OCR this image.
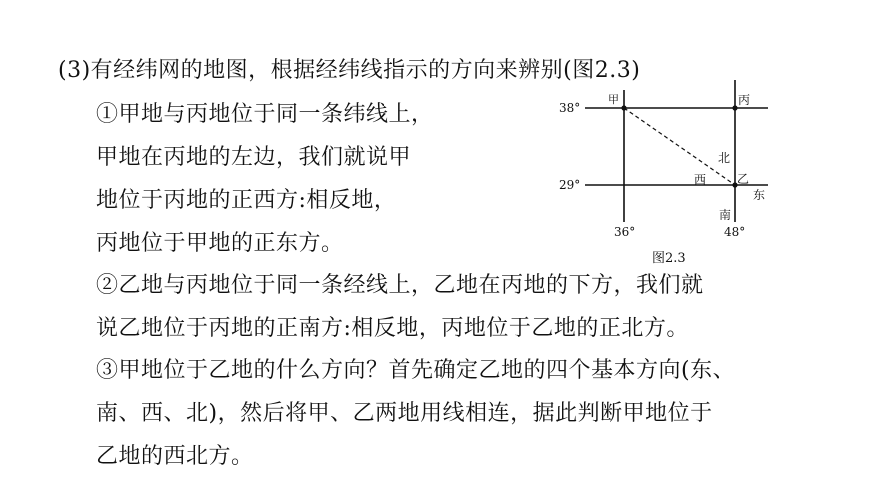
(3)有经纬网的地图，根据经纬线指示的方向来辨别(图2.3)
①甲地与丙地位于同一条纬线上，
甲地在丙地的左边，我们就说甲
地位于丙地的正西方:相反地，
丙地位于甲地的正东方。
②乙地与丙地位于同一条经线上，乙地在丙地的下方，我们就
说乙地位于丙地的正南方:相反地，丙地位于乙地的正北方。
③甲地位于乙地的什么方向？首先确定乙地的四个基本方向(东、
南、西、北)，然后将甲、乙两地用线相连，据此判断甲地位于
乙地的西北方。
38°
29°
36°	48°
甲	丙
乙
北
西
东
南
图2.3
